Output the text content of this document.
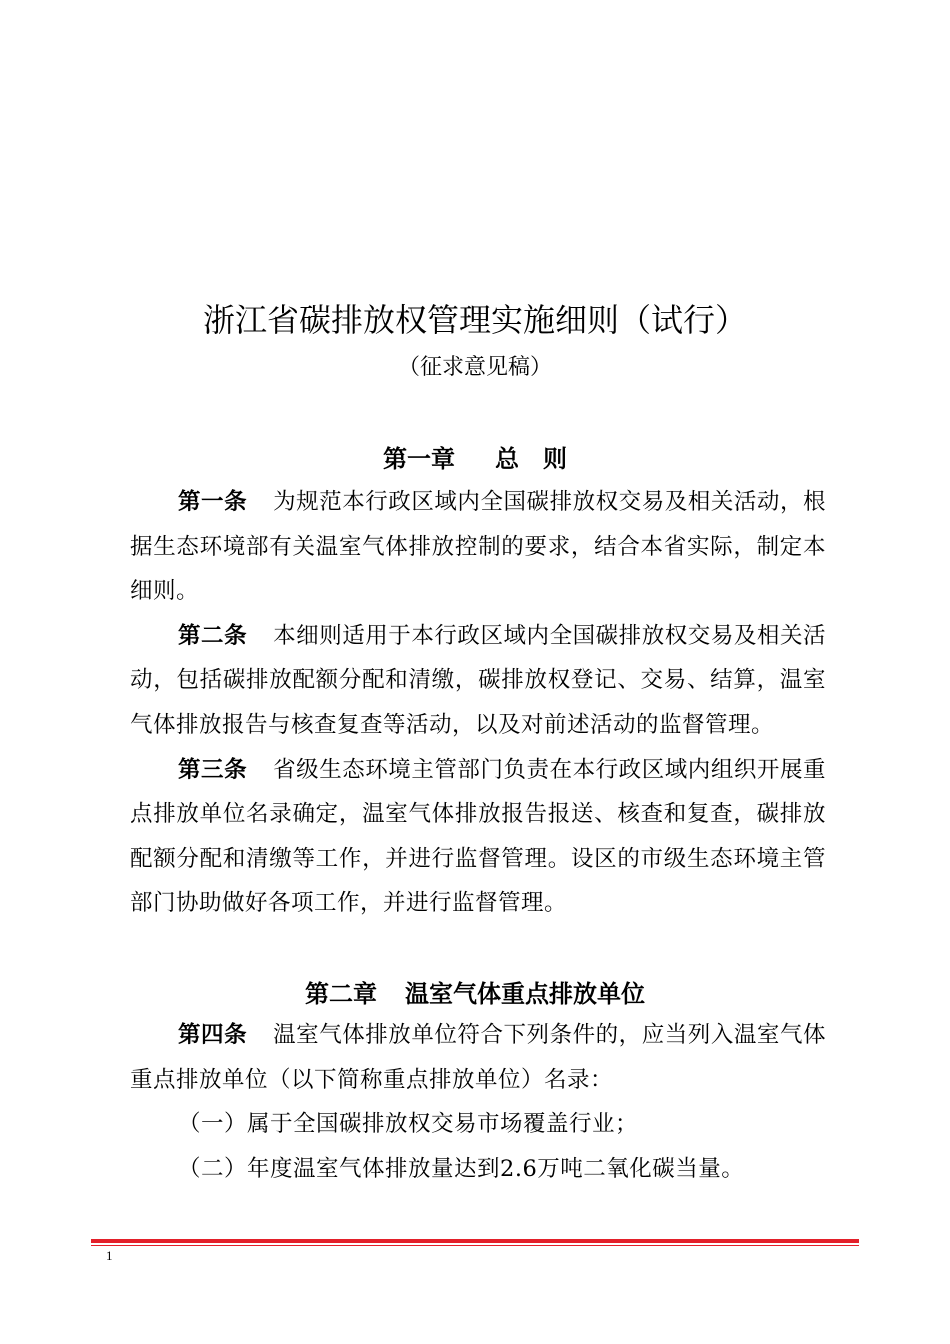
浙江省碳排放权管理实施细则（试行）
（征求意见稿）
第一章 总　则

第一条 为规范本行政区域内全国碳排放权交易及相关活动，根据生态环境部有关温室气体排放控制的要求，结合本省实际，制定本细则。

第二条 本细则适用于本行政区域内全国碳排放权交易及相关活动，包括碳排放配额分配和清缴，碳排放权登记、交易、结算，温室气体排放报告与核查复查等活动，以及对前述活动的监督管理。

第三条 省级生态环境主管部门负责在本行政区域内组织开展重点排放单位名录确定，温室气体排放报告报送、核查和复查，碳排放配额分配和清缴等工作，并进行监督管理。设区的市级生态环境主管部门协助做好各项工作，并进行监督管理。

第二章 温室气体重点排放单位

第四条 温室气体排放单位符合下列条件的，应当列入温室气体重点排放单位（以下简称重点排放单位）名录：

（一）属于全国碳排放权交易市场覆盖行业；

（二）年度温室气体排放量达到2.6万吨二氧化碳当量。

1
